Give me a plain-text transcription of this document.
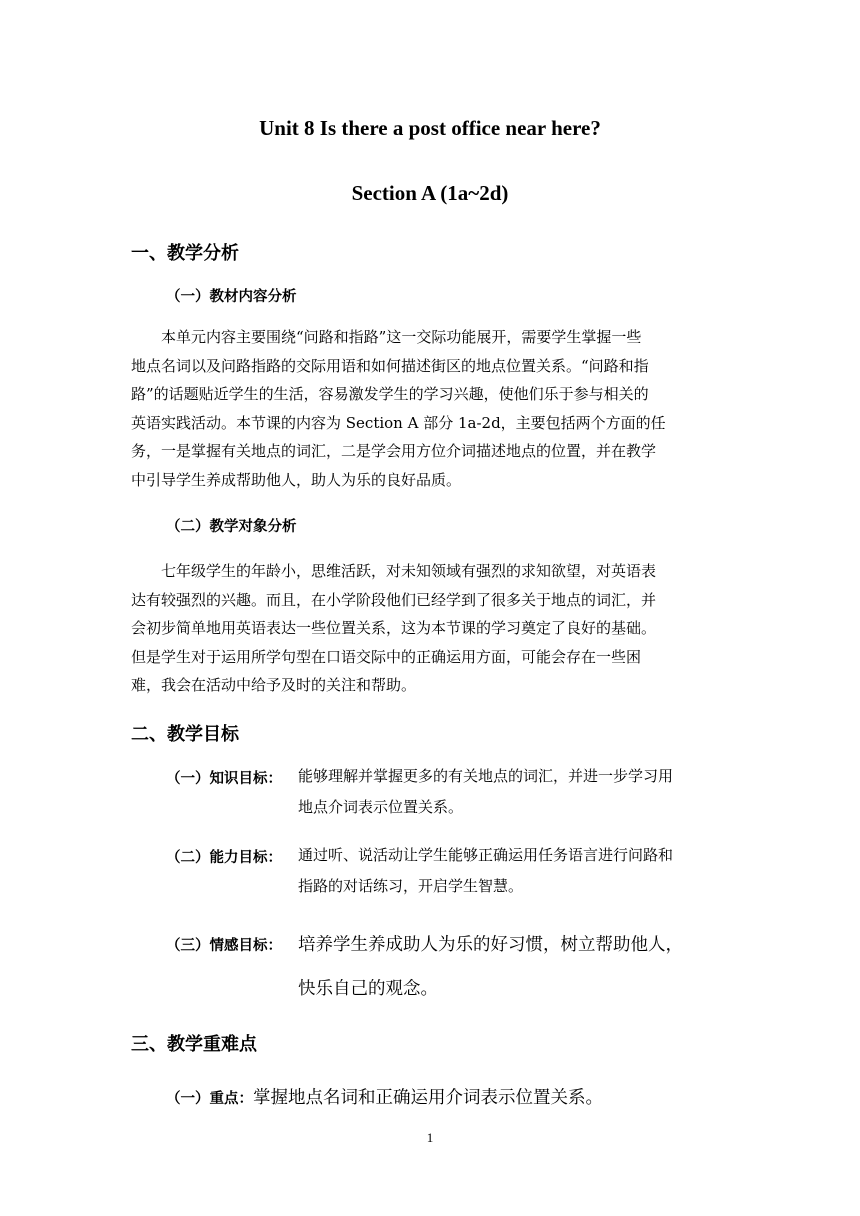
Unit 8 Is there a post office near here?
Section A (1a~2d)
一、教学分析
（一）教材内容分析
本单元内容主要围绕“问路和指路”这一交际功能展开，需要学生掌握一些
地点名词以及问路指路的交际用语和如何描述街区的地点位置关系。“问路和指
路”的话题贴近学生的生活，容易激发学生的学习兴趣，使他们乐于参与相关的
英语实践活动。本节课的内容为 Section A 部分 1a-2d，主要包括两个方面的任
务，一是掌握有关地点的词汇，二是学会用方位介词描述地点的位置，并在教学
中引导学生养成帮助他人，助人为乐的良好品质。
（二）教学对象分析
七年级学生的年龄小，思维活跃，对未知领域有强烈的求知欲望，对英语表
达有较强烈的兴趣。而且，在小学阶段他们已经学到了很多关于地点的词汇，并
会初步简单地用英语表达一些位置关系，这为本节课的学习奠定了良好的基础。
但是学生对于运用所学句型在口语交际中的正确运用方面，可能会存在一些困
难，我会在活动中给予及时的关注和帮助。
二、教学目标
（一）知识目标： 能够理解并掌握更多的有关地点的词汇，并进一步学习用
地点介词表示位置关系。
（二）能力目标： 通过听、说活动让学生能够正确运用任务语言进行问路和
指路的对话练习，开启学生智慧。
（三）情感目标： 培养学生养成助人为乐的好习惯，树立帮助他人，
快乐自己的观念。
三、教学重难点

（一）重点：掌握地点名词和正确运用介词表示位置关系。

1
